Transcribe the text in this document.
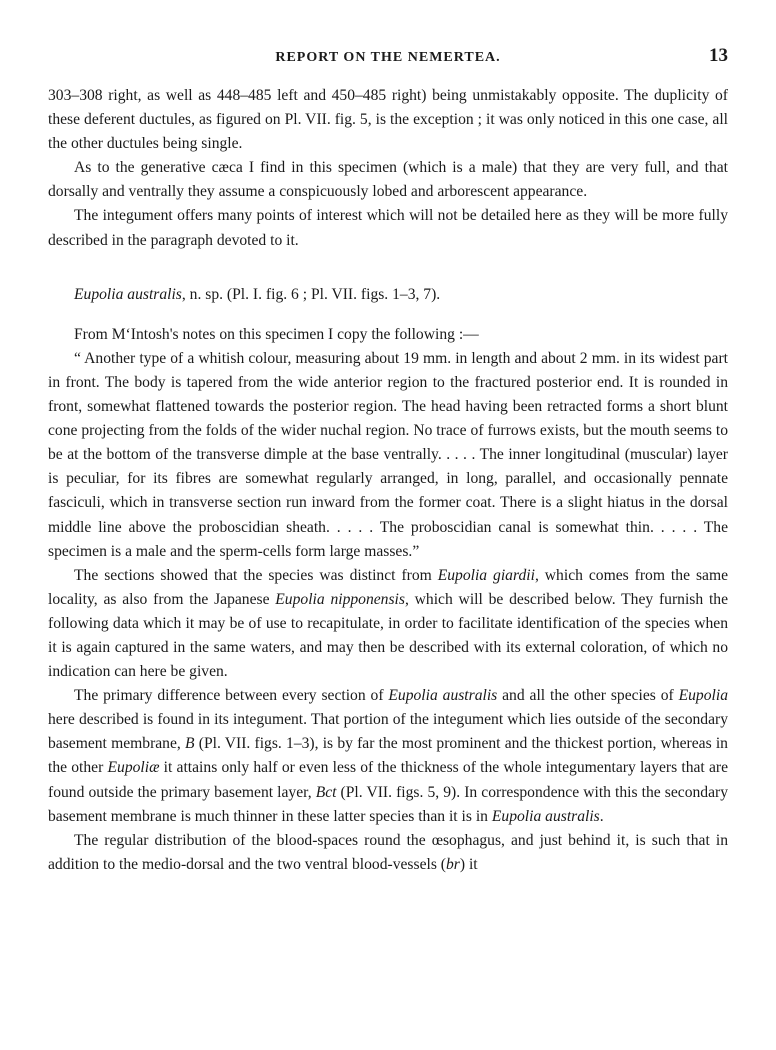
REPORT ON THE NEMERTEA.	13

303–308 right, as well as 448–485 left and 450–485 right) being unmistakably opposite. The duplicity of these deferent ductules, as figured on Pl. VII. fig. 5, is the exception ; it was only noticed in this one case, all the other ductules being single.

As to the generative cæca I find in this specimen (which is a male) that they are very full, and that dorsally and ventrally they assume a conspicuously lobed and arborescent appearance.

The integument offers many points of interest which will not be detailed here as they will be more fully described in the paragraph devoted to it.

Eupolia australis, n. sp. (Pl. I. fig. 6 ; Pl. VII. figs. 1–3, 7).

From M‘Intosh's notes on this specimen I copy the following :—

“ Another type of a whitish colour, measuring about 19 mm. in length and about 2 mm. in its widest part in front. The body is tapered from the wide anterior region to the fractured posterior end. It is rounded in front, somewhat flattened towards the posterior region. The head having been retracted forms a short blunt cone projecting from the folds of the wider nuchal region. No trace of furrows exists, but the mouth seems to be at the bottom of the transverse dimple at the base ventrally. . . . . The inner longitudinal (muscular) layer is peculiar, for its fibres are somewhat regularly arranged, in long, parallel, and occasionally pennate fasciculi, which in transverse section run inward from the former coat. There is a slight hiatus in the dorsal middle line above the proboscidian sheath. . . . . The proboscidian canal is somewhat thin. . . . . The specimen is a male and the sperm-cells form large masses.”

The sections showed that the species was distinct from Eupolia giardii, which comes from the same locality, as also from the Japanese Eupolia nipponensis, which will be described below. They furnish the following data which it may be of use to recapitulate, in order to facilitate identification of the species when it is again captured in the same waters, and may then be described with its external coloration, of which no indication can here be given.

The primary difference between every section of Eupolia australis and all the other species of Eupolia here described is found in its integument. That portion of the integument which lies outside of the secondary basement membrane, B (Pl. VII. figs. 1–3), is by far the most prominent and the thickest portion, whereas in the other Eupoliæ it attains only half or even less of the thickness of the whole integumentary layers that are found outside the primary basement layer, Bct (Pl. VII. figs. 5, 9). In correspondence with this the secondary basement membrane is much thinner in these latter species than it is in Eupolia australis.

The regular distribution of the blood-spaces round the œsophagus, and just behind it, is such that in addition to the medio-dorsal and the two ventral blood-vessels (br) it
